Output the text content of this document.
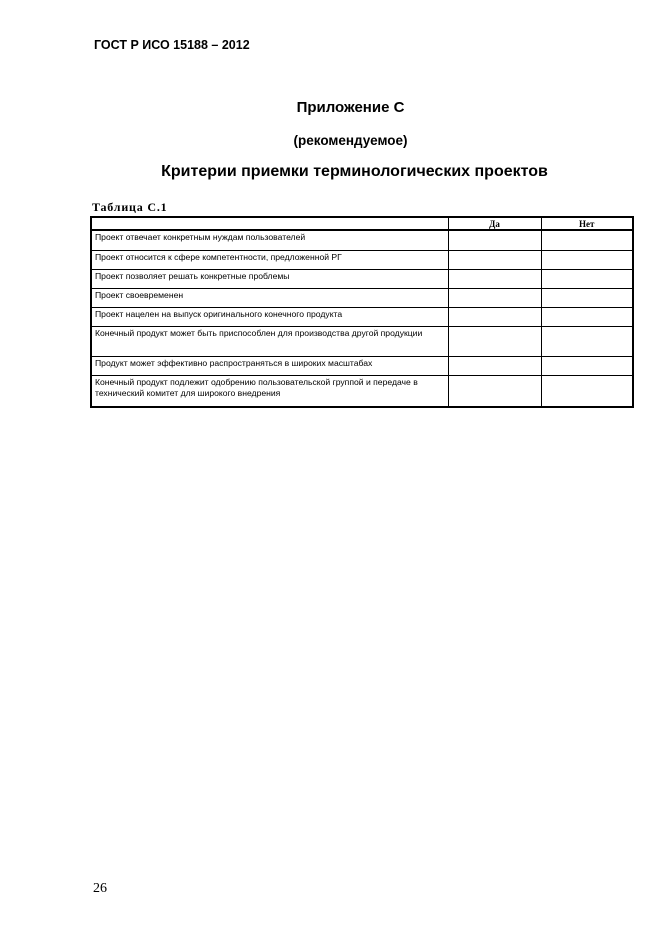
ГОСТ Р ИСО 15188 – 2012
Приложение С
(рекомендуемое)
Критерии приемки терминологических проектов
Таблица С.1
	Да	Нет
Проект отвечает конкретным нуждам пользователей		
Проект относится к сфере компетентности, предложенной РГ		
Проект позволяет решать конкретные проблемы		
Проект своевременен		
Проект нацелен на выпуск оригинального конечного продукта		
Конечный продукт может быть приспособлен для производства другой продукции		
Продукт может эффективно распространяться в широких масштабах		
Конечный продукт подлежит одобрению пользовательской группой и передаче в технический комитет для широкого внедрения		
26
